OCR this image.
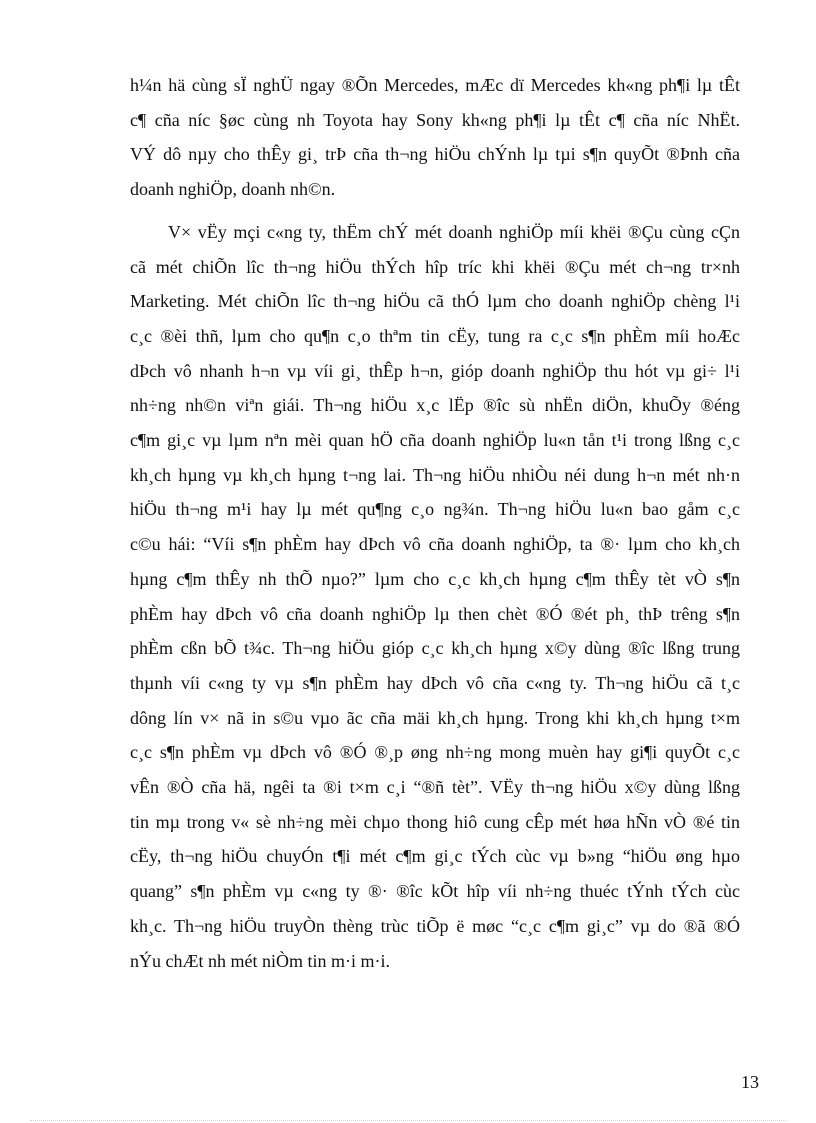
h¼n hä cùng sÏ nghÜ ngay ®Õn Mercedes, mÆc dï Mercedes kh«ng ph¶i lµ tÊt
c¶ cña níc §øc cùng nh Toyota hay Sony kh«ng ph¶i lµ tÊt c¶ cña níc NhËt.
VÝ dô nµy cho thÊy gi¸ trÞ cña th¬ng hiÖu chÝnh lµ tµi s¶n quyÕt ®Þnh cña
doanh nghiÖp, doanh nh©n.

V× vËy mçi c«ng ty, thËm chÝ mét doanh nghiÖp míi khëi ®Çu cùng cÇn
cã mét chiÕn lîc th¬ng hiÖu thÝch hîp tríc khi khëi ®Çu mét ch¬ng tr×nh
Marketing. Mét chiÕn lîc th¬ng hiÖu cã thÓ lµm cho doanh nghiÖp chèng l¹i
c¸c ®èi thñ, lµm cho qu¶n c¸o thªm tin cËy, tung ra c¸c s¶n phÈm míi hoÆc
dÞch vô nhanh h¬n vµ víi gi¸ thÊp h¬n, gióp doanh nghiÖp thu hót vµ gi÷ l¹i
nh÷ng nh©n viªn giái. Th¬ng hiÖu x¸c lËp ®îc sù nhËn diÖn, khuÕy ®éng
c¶m gi¸c vµ lµm nªn mèi quan hÖ cña doanh nghiÖp lu«n tån t¹i trong lßng c¸c
kh¸ch hµng vµ kh¸ch hµng t¬ng lai. Th¬ng hiÖu nhiÒu néi dung h¬n mét nh·n
hiÖu th¬ng m¹i hay lµ mét qu¶ng c¸o ng¾n. Th¬ng hiÖu lu«n bao gåm c¸c
c©u hái: “Víi s¶n phÈm hay dÞch vô cña doanh nghiÖp, ta ®· lµm cho kh¸ch
hµng c¶m thÊy nh thÕ nµo?” lµm cho c¸c kh¸ch hµng c¶m thÊy tèt vÒ s¶n
phÈm hay dÞch vô cña doanh nghiÖp lµ then chèt ®Ó ®ét ph¸ thÞ trêng s¶n
phÈm cßn bÕ t¾c. Th¬ng hiÖu gióp c¸c kh¸ch hµng x©y dùng ®îc lßng trung
thµnh víi c«ng ty vµ s¶n phÈm hay dÞch vô cña c«ng ty. Th¬ng hiÖu cã t¸c
dông lín v× nã in s©u vµo ãc cña mäi kh¸ch hµng. Trong khi kh¸ch hµng t×m
c¸c s¶n phÈm vµ dÞch vô ®Ó ®¸p øng nh÷ng mong muèn hay gi¶i quyÕt c¸c
vÊn ®Ò cña hä, ngêi ta ®i t×m c¸i “®ñ tèt”. VËy th¬ng hiÖu x©y dùng lßng
tin mµ trong v« sè nh÷ng mèi chµo thong hiô cung cÊp mét høa hÑn vÒ ®é tin
cËy, th¬ng hiÖu chuyÓn t¶i mét c¶m gi¸c tÝch cùc vµ b»ng “hiÖu øng hµo
quang” s¶n phÈm vµ c«ng ty ®· ®îc kÕt hîp víi nh÷ng thuéc tÝnh tÝch cùc
kh¸c. Th¬ng hiÖu truyÒn thèng trùc tiÕp ë møc “c¸c c¶m gi¸c” vµ do ®ã ®Ó
nÝu chÆt nh mét niÒm tin m·i m·i.

13
